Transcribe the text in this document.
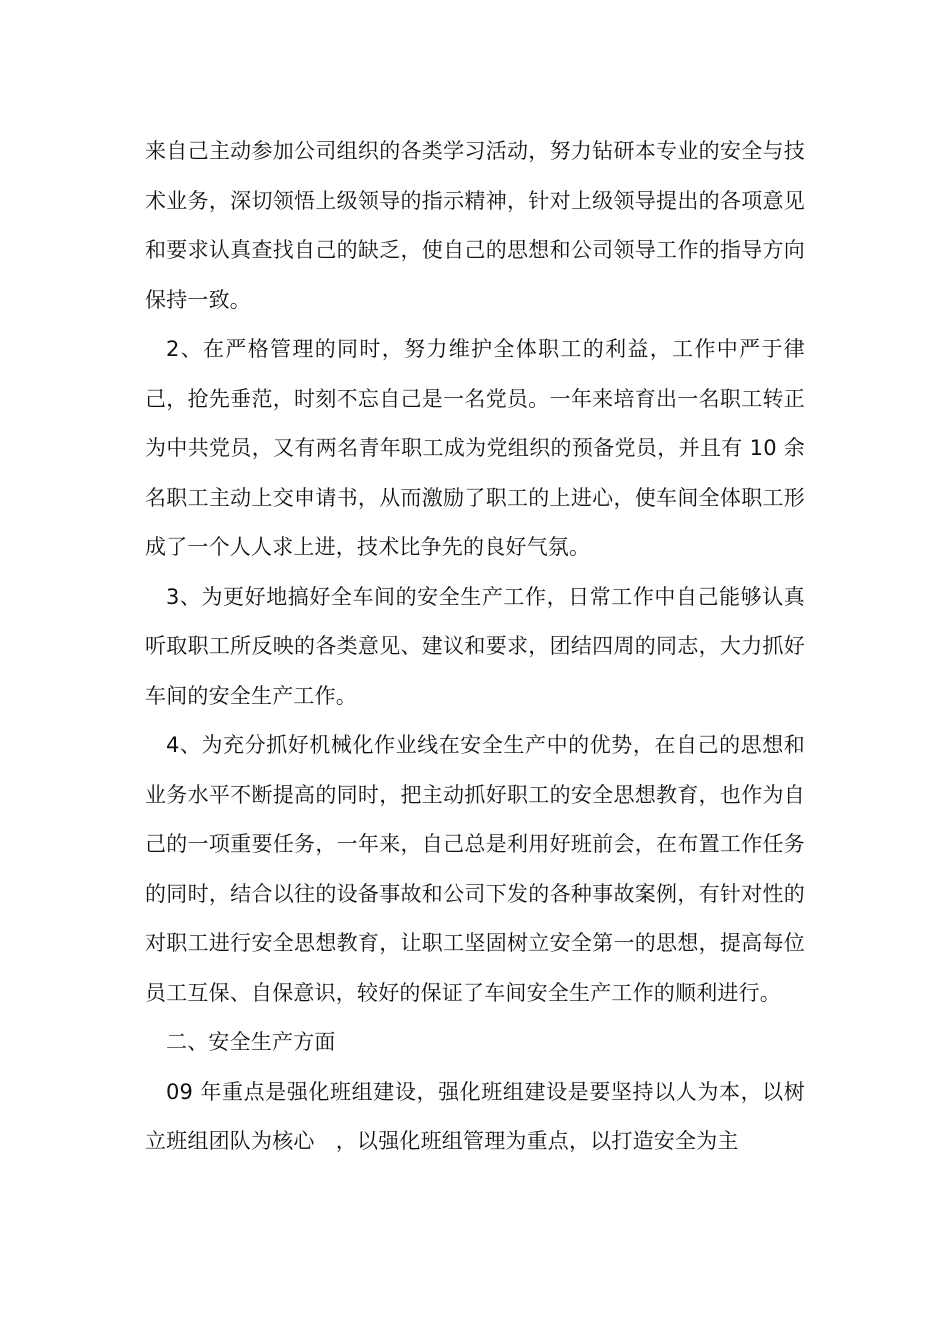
来自己主动参加公司组织的各类学习活动，努力钻研本专业的安全与技术业务，深切领悟上级领导的指示精神，针对上级领导提出的各项意见和要求认真查找自己的缺乏，使自己的思想和公司领导工作的指导方向保持一致。

2、在严格管理的同时，努力维护全体职工的利益，工作中严于律己，抢先垂范，时刻不忘自己是一名党员。一年来培育出一名职工转正为中共党员，又有两名青年职工成为党组织的预备党员，并且有 10 余名职工主动上交申请书，从而激励了职工的上进心，使车间全体职工形成了一个人人求上进，技术比争先的良好气氛。

3、为更好地搞好全车间的安全生产工作，日常工作中自己能够认真听取职工所反映的各类意见、建议和要求，团结四周的同志，大力抓好车间的安全生产工作。

4、为充分抓好机械化作业线在安全生产中的优势，在自己的思想和业务水平不断提高的同时，把主动抓好职工的安全思想教育，也作为自己的一项重要任务，一年来，自己总是利用好班前会，在布置工作任务的同时，结合以往的设备事故和公司下发的各种事故案例，有针对性的对职工进行安全思想教育，让职工坚固树立安全第一的思想，提高每位员工互保、自保意识，较好的保证了车间安全生产工作的顺利进行。

二、安全生产方面

09 年重点是强化班组建设，强化班组建设是要坚持以人为本，以树立班组团队为核心　，以强化班组管理为重点，以打造安全为主
